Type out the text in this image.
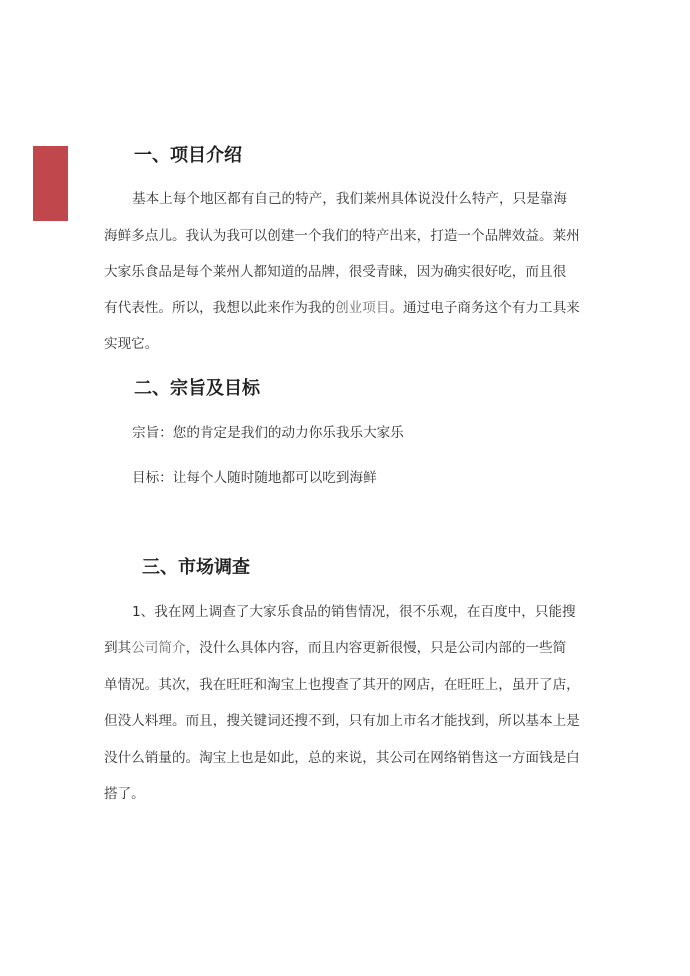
一、项目介绍

基本上每个地区都有自己的特产，我们莱州具体说没什么特产，只是靠海

海鲜多点儿。我认为我可以创建一个我们的特产出来，打造一个品牌效益。莱州

大家乐食品是每个莱州人都知道的品牌，很受青睐，因为确实很好吃，而且很

有代表性。所以，我想以此来作为我的创业项目。通过电子商务这个有力工具来

实现它。

二、宗旨及目标

宗旨：您的肯定是我们的动力你乐我乐大家乐

目标：让每个人随时随地都可以吃到海鲜

三、市场调查

1、我在网上调查了大家乐食品的销售情况，很不乐观，在百度中，只能搜

到其公司简介，没什么具体内容，而且内容更新很慢，只是公司内部的一些简

单情况。其次，我在旺旺和淘宝上也搜查了其开的网店，在旺旺上，虽开了店，

但没人料理。而且，搜关键词还搜不到，只有加上市名才能找到，所以基本上是

没什么销量的。淘宝上也是如此，总的来说，其公司在网络销售这一方面钱是白

搭了。
